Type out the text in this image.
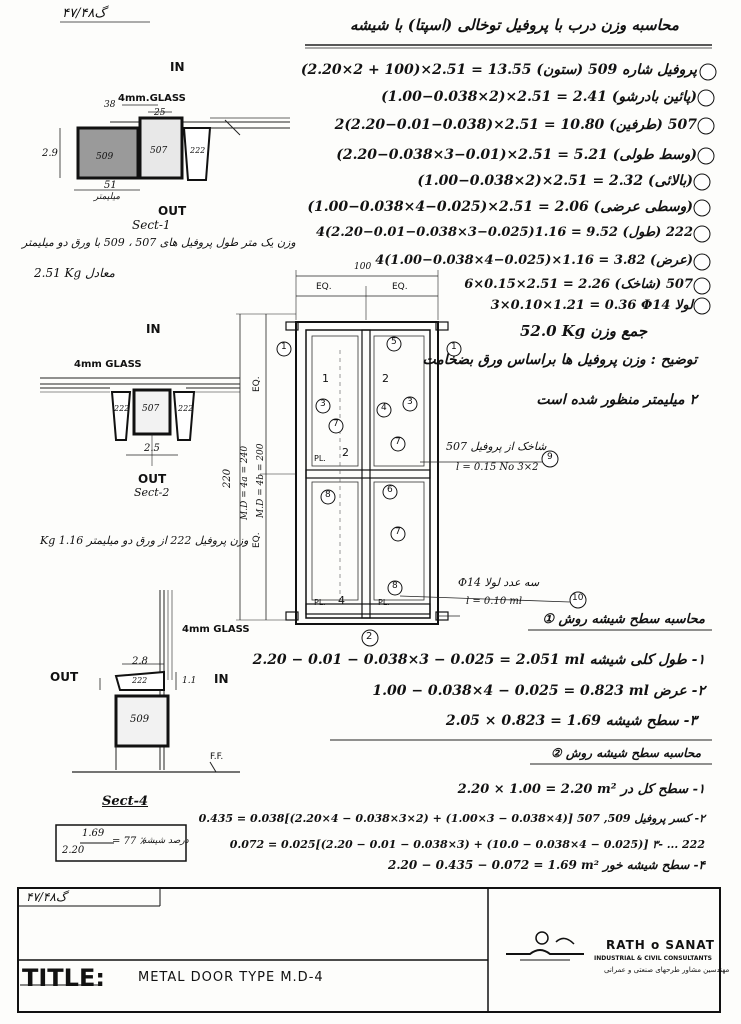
گ۴۷/۴۸
محاسبه وزن درب با پروفیل توخالی (اسپتا) با شیشه
(2.20×2 + 100)×2.51 = 13.55 پروفیل شاره 509 (ستون)
(1.00−0.038×2)×2.51 = 2.41 (پائین بادرشو)
2(2.20−0.01−0.038)×2.51 = 10.80 507 (طرفین)
(2.20−0.038×3−0.01)×2.51 = 5.21 (وسط طولی)
(1.00−0.038×2)×2.51 = 2.32 (بالائی)
(1.00−0.038×4−0.025)×2.51 = 2.06 (وسطی عرضی)
4(2.20−0.01−0.038×3−0.025)1.16 = 9.52 222 (طول)
4(1.00−0.038×4−0.025)×1.16 = 3.82 (عرض)
6×0.15×2.51 = 2.26 507 (شاخک)
3×0.10×1.21 = 0.36 لولا Φ14
52.0 Kg جمع وزن
توضیح : وزن پروفیل ها براساس ورق بضخامت
۲ میلیمتر منظور شده است
IN
4mm.GLASS
38
25
509
507	222
2.9
51
میلیمتر
OUT
Sect-1
وزن یک متر طول پروفیل های 507 ، 509 با ورق دو میلیمتر
2.51 Kg معادل
IN
4mm GLASS
507
222	222
2.5
OUT
Sect-2
وزن پروفیل 222 از ورق دو میلیمتر 1.16 Kg
2.8
OUT	IN
222	1.1
509
F.F.
Sect-4
1.69
2.20
= 77 ٪
درصد شیشه
4mm GLASS
EQ.	EQ.
100
EQ.
EQ.
220 M.D = 4a = 240 M.D = 4b = 200
1	2
2
4
PL.
PL.	PL.
1	1
5
3	4
3
7
7
8	6
7
8
2
شاخک از پروفیل 507
l = 0.15 No 3×2
9
Φ14 سه عدد لولا
l = 0.10 ml	10
محاسبه سطح شیشه روش ①
2.20 − 0.01 − 0.038×3 − 0.025 = 2.051 ml ۱- طول کلی شیشه
1.00 − 0.038×4 − 0.025 = 0.823 ml ۲- عرض
2.05 × 0.823 = 1.69 ۳- سطح شیشه
محاسبه سطح شیشه روش ②
2.20 × 1.00 = 2.20 m² ۱- سطح کل در
0.435 = 0.038[(2.20×4 − 0.038×3×2) + (1.00×3 − 0.038×4)] ۲- کسر پروفیل 509, 507
0.072 = 0.025[(2.20 − 0.01 − 0.038×3) + (10.0 − 0.038×4 − 0.025)] ۳- ... 222
2.20 − 0.435 − 0.072 = 1.69 m² ۴- سطح شیشه خور
گ۴۷/۴۸
TITLE:	METAL DOOR TYPE M.D-4
RATH o SANAT
INDUSTRIAL & CIVIL CONSULTANTS
مهندسین مشاور طرحهای صنعتی و عمرانی
